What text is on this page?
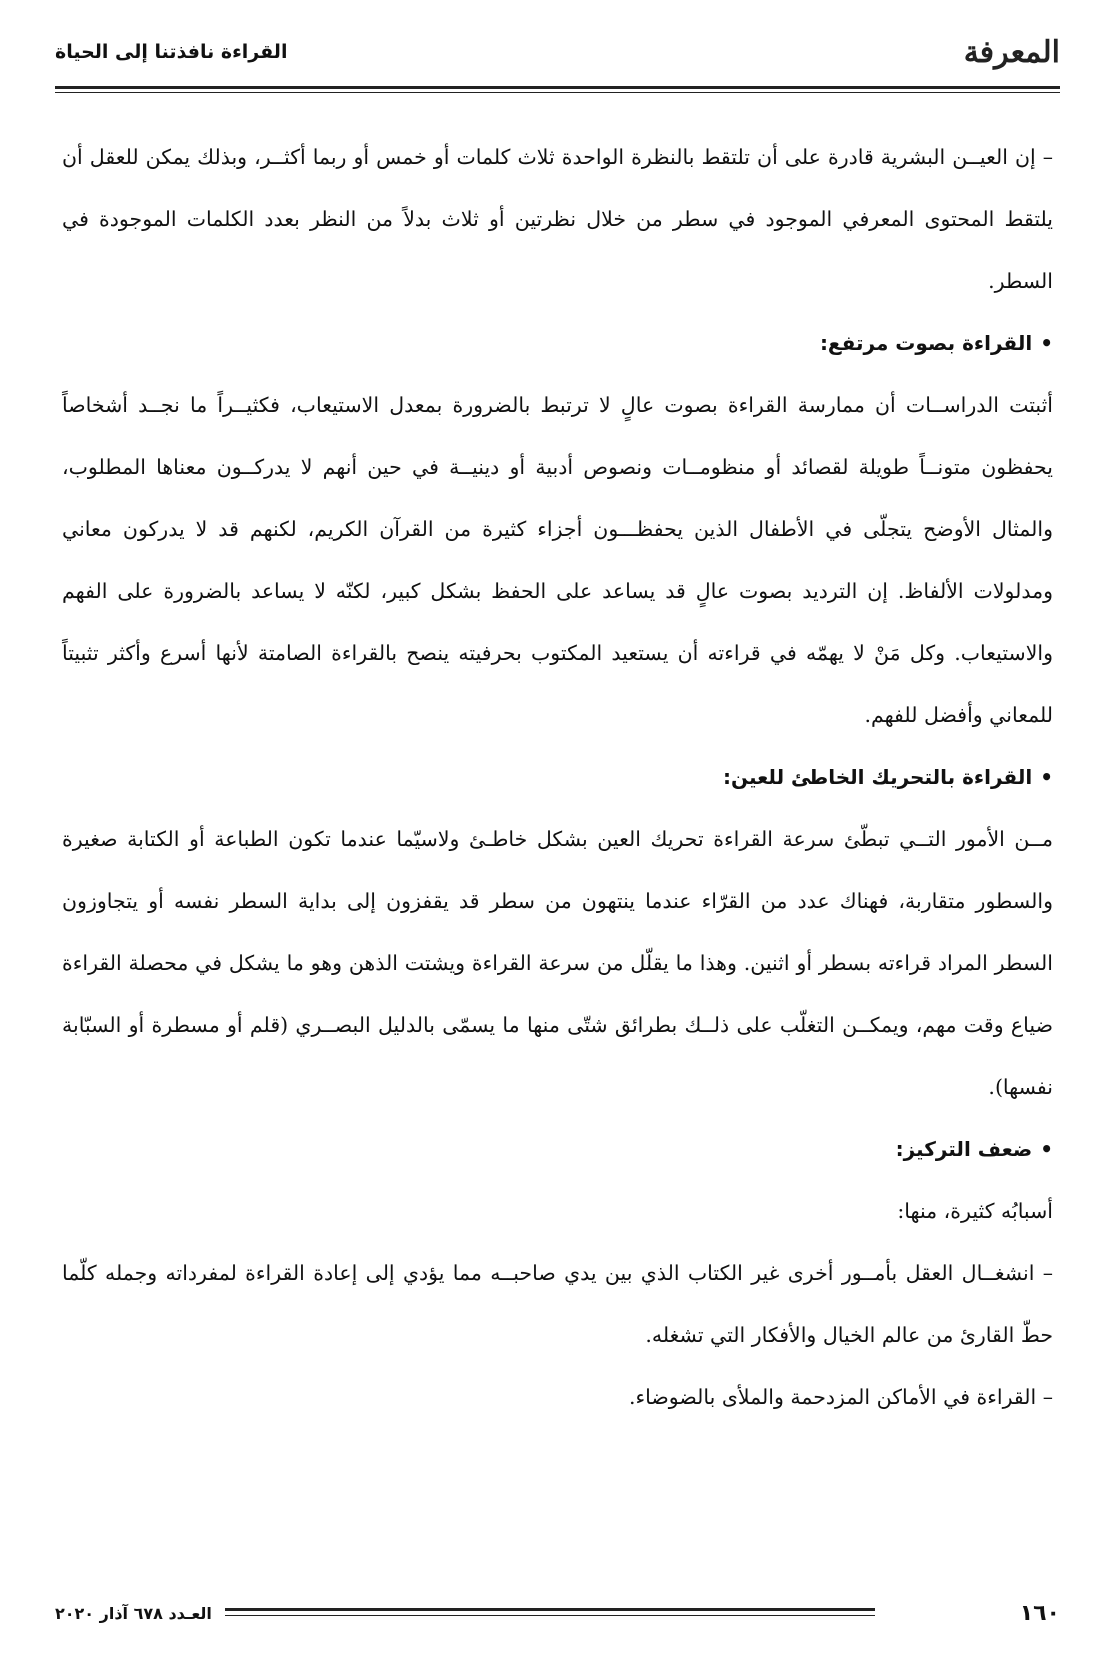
المعرفة
القراءة نافذتنا إلى الحياة

– إن العيــن البشرية قادرة على أن تلتقط بالنظرة الواحدة ثلاث كلمات أو خمس أو ربما أكثــر، وبذلك يمكن للعقل أن يلتقط المحتوى المعرفي الموجود في سطر من خلال نظرتين أو ثلاث بدلاً من النظر بعدد الكلمات الموجودة في السطر.

•القراءة بصوت مرتفع:

أثبتت الدراســات أن ممارسة القراءة بصوت عالٍ لا ترتبط بالضرورة بمعدل الاستيعاب، فكثيــراً ما نجــد أشخاصاً يحفظون متونــاً طويلة لقصائد أو منظومــات ونصوص أدبية أو دينيــة في حين أنهم لا يدركــون معناها المطلوب، والمثال الأوضح يتجلّى في الأطفال الذين يحفظـــون أجزاء كثيرة من القرآن الكريم، لكنهم قد لا يدركون معاني ومدلولات الألفاظ. إن الترديد بصوت عالٍ قد يساعد على الحفظ بشكل كبير، لكنّه لا يساعد بالضرورة على الفهم والاستيعاب. وكل مَنْ لا يهمّه في قراءته أن يستعيد المكتوب بحرفيته ينصح بالقراءة الصامتة لأنها أسرع وأكثر تثبيتاً للمعاني وأفضل للفهم.

•القراءة بالتحريك الخاطئ للعين:

مــن الأمور التــي تبطّئ سرعة القراءة تحريك العين بشكل خاطـئ ولاسيّما عندما تكون الطباعة أو الكتابة صغيرة والسطور متقاربة، فهناك عدد من القرّاء عندما ينتهون من سطر قد يقفزون إلى بداية السطر نفسه أو يتجاوزون السطر المراد قراءته بسطر أو اثنين. وهذا ما يقلّل من سرعة القراءة ويشتت الذهن وهو ما يشكل في محصلة القراءة ضياع وقت مهم، ويمكــن التغلّب على ذلــك بطرائق شتّى منها ما يسمّى بالدليل البصــري (قلم أو مسطرة أو السبّابة نفسها).

•ضعف التركيز:

أسبابُه كثيرة، منها:

– انشغــال العقل بأمــور أخرى غير الكتاب الذي بين يدي صاحبــه مما يؤدي إلى إعادة القراءة لمفرداته وجمله كلّما حطّ القارئ من عالم الخيال والأفكار التي تشغله.

– القراءة في الأماكن المزدحمة والملأى بالضوضاء.

١٦٠
العـدد ٦٧٨ آذار ٢٠٢٠
